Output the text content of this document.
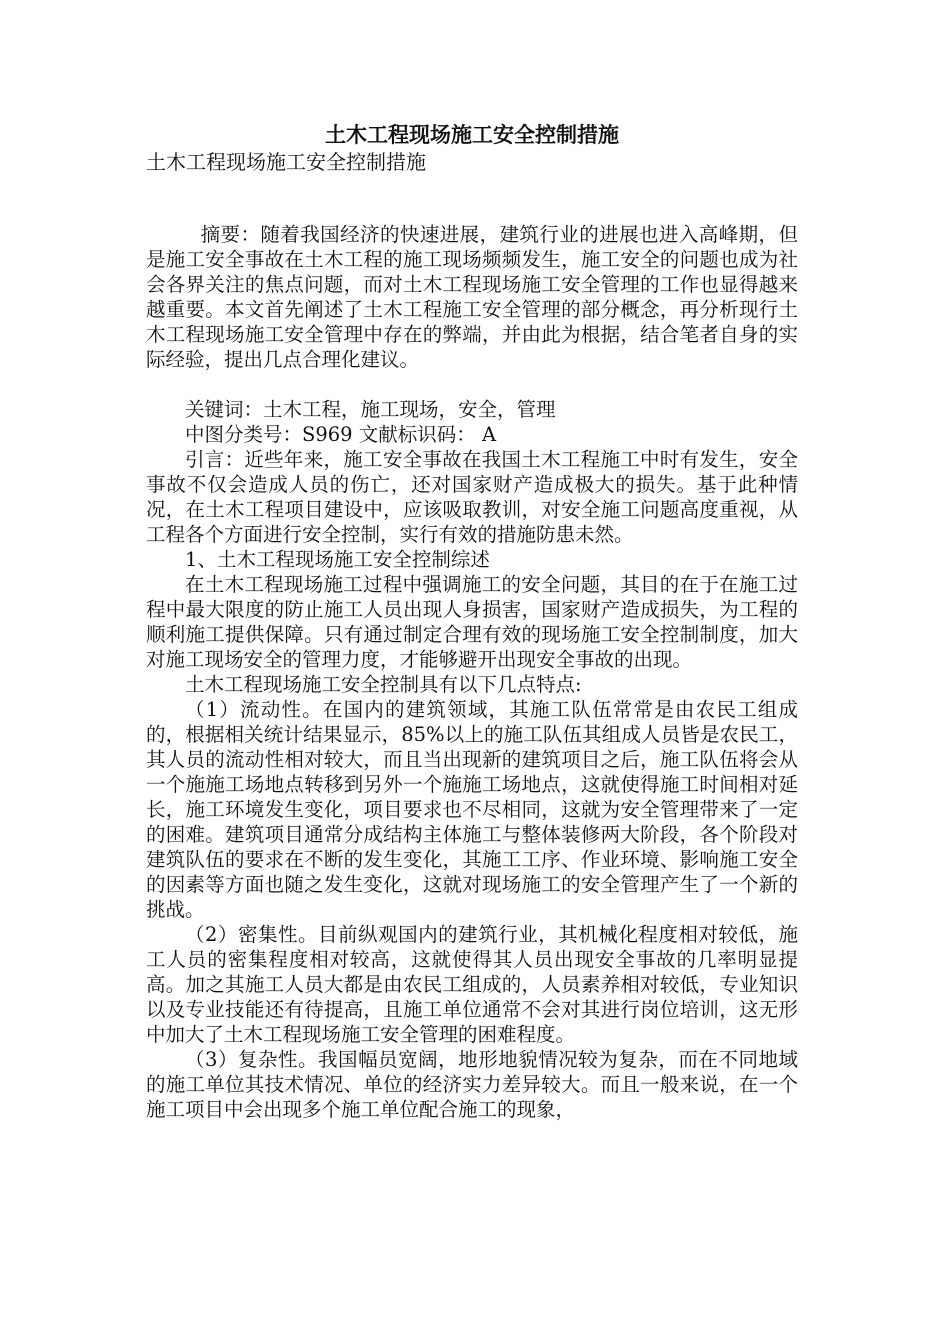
土木工程现场施工安全控制措施

土木工程现场施工安全控制措施

摘要：随着我国经济的快速进展，建筑行业的进展也进入高峰期，但是施工安全事故在土木工程的施工现场频频发生，施工安全的问题也成为社会各界关注的焦点问题，而对土木工程现场施工安全管理的工作也显得越来越重要。本文首先阐述了土木工程施工安全管理的部分概念，再分析现行土木工程现场施工安全管理中存在的弊端，并由此为根据，结合笔者自身的实际经验，提出几点合理化建议。

关键词：土木工程，施工现场，安全，管理

中图分类号：S969 文献标识码： A

引言：近些年来，施工安全事故在我国土木工程施工中时有发生，安全事故不仅会造成人员的伤亡，还对国家财产造成极大的损失。基于此种情况，在土木工程项目建设中，应该吸取教训，对安全施工问题高度重视，从工程各个方面进行安全控制，实行有效的措施防患未然。

1、土木工程现场施工安全控制综述

在土木工程现场施工过程中强调施工的安全问题，其目的在于在施工过程中最大限度的防止施工人员出现人身损害，国家财产造成损失，为工程的顺利施工提供保障。只有通过制定合理有效的现场施工安全控制制度，加大对施工现场安全的管理力度，才能够避开出现安全事故的出现。

土木工程现场施工安全控制具有以下几点特点:

（1）流动性。在国内的建筑领域，其施工队伍常常是由农民工组成的，根据相关统计结果显示，85%以上的施工队伍其组成人员皆是农民工，其人员的流动性相对较大，而且当出现新的建筑项目之后，施工队伍将会从一个施施工场地点转移到另外一个施施工场地点，这就使得施工时间相对延长，施工环境发生变化，项目要求也不尽相同，这就为安全管理带来了一定的困难。建筑项目通常分成结构主体施工与整体装修两大阶段，各个阶段对建筑队伍的要求在不断的发生变化，其施工工序、作业环境、影响施工安全的因素等方面也随之发生变化，这就对现场施工的安全管理产生了一个新的挑战。

（2）密集性。目前纵观国内的建筑行业，其机械化程度相对较低，施工人员的密集程度相对较高，这就使得其人员出现安全事故的几率明显提高。加之其施工人员大都是由农民工组成的，人员素养相对较低，专业知识以及专业技能还有待提高，且施工单位通常不会对其进行岗位培训，这无形中加大了土木工程现场施工安全管理的困难程度。

（3）复杂性。我国幅员宽阔，地形地貌情况较为复杂，而在不同地域的施工单位其技术情况、单位的经济实力差异较大。而且一般来说，在一个施工项目中会出现多个施工单位配合施工的现象，
